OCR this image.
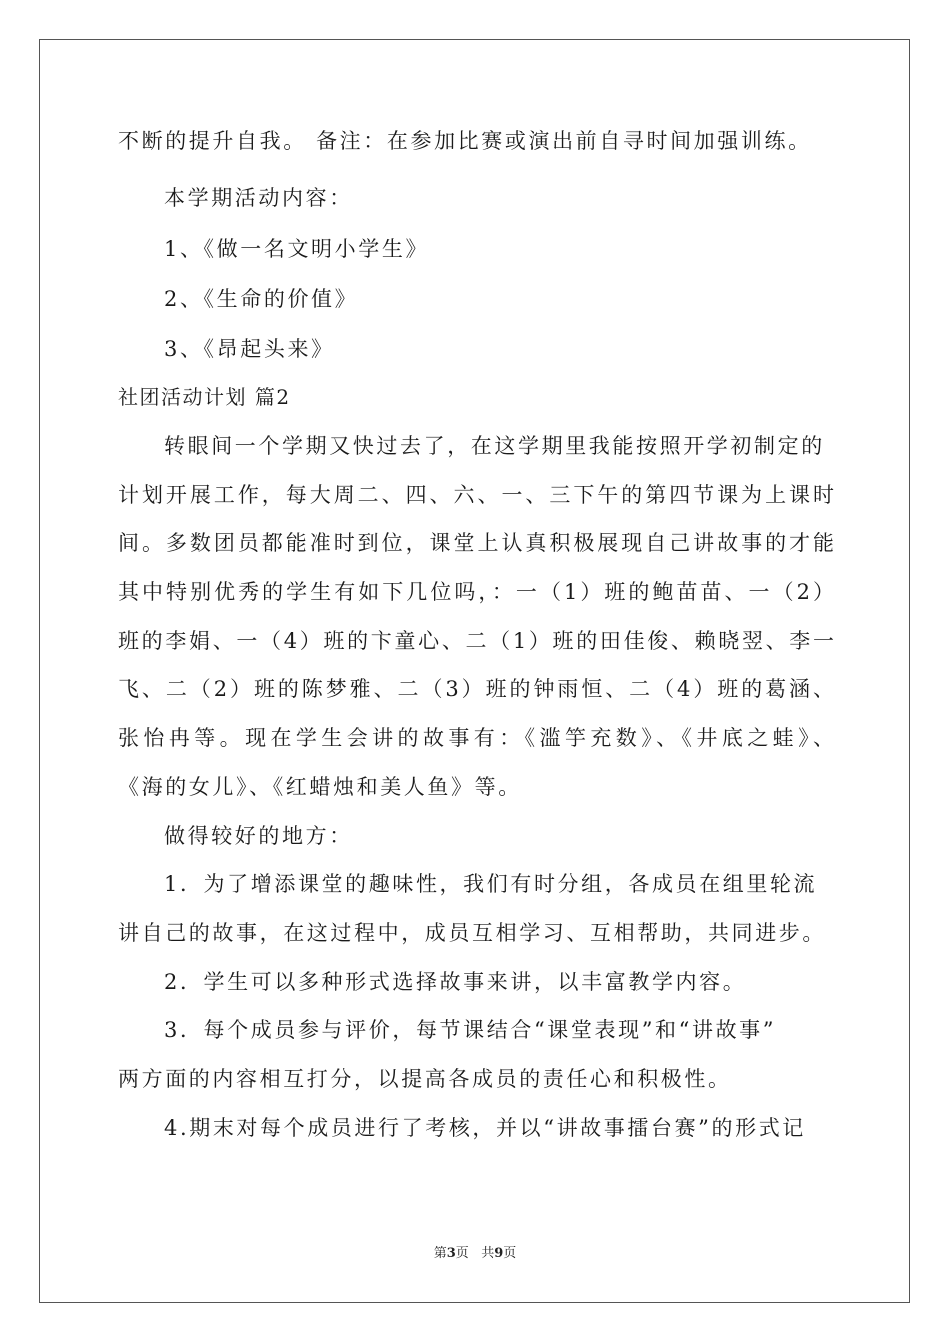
不断的提升自我。 备注：在参加比赛或演出前自寻时间加强训练。
本学期活动内容：
1、《做一名文明小学生》
2、《生命的价值》
3、《昂起头来》
社团活动计划 篇2
转眼间一个学期又快过去了，在这学期里我能按照开学初制定的
计划开展工作，每大周二、四、六、一、三下午的第四节课为上课时
间。多数团员都能准时到位，课堂上认真积极展现自己讲故事的才能
其中特别优秀的学生有如下几位吗，：一（1）班的鲍苗苗、一（2）
班的李娟、一（4）班的卞童心、二（1）班的田佳俊、赖晓翌、李一
飞、二（2）班的陈梦雅、二（3）班的钟雨恒、二（4）班的葛涵、
张怡冉等。现在学生会讲的故事有：《滥竽充数》、《井底之蛙》、
《海的女儿》、《红蜡烛和美人鱼》等。
做得较好的地方：
1．为了增添课堂的趣味性，我们有时分组，各成员在组里轮流
讲自己的故事，在这过程中，成员互相学习、互相帮助，共同进步。
2．学生可以多种形式选择故事来讲，以丰富教学内容。
3．每个成员参与评价，每节课结合“课堂表现”和“讲故事”
两方面的内容相互打分，以提高各成员的责任心和积极性。
4.期末对每个成员进行了考核，并以“讲故事擂台赛”的形式记
第3页 共9页
